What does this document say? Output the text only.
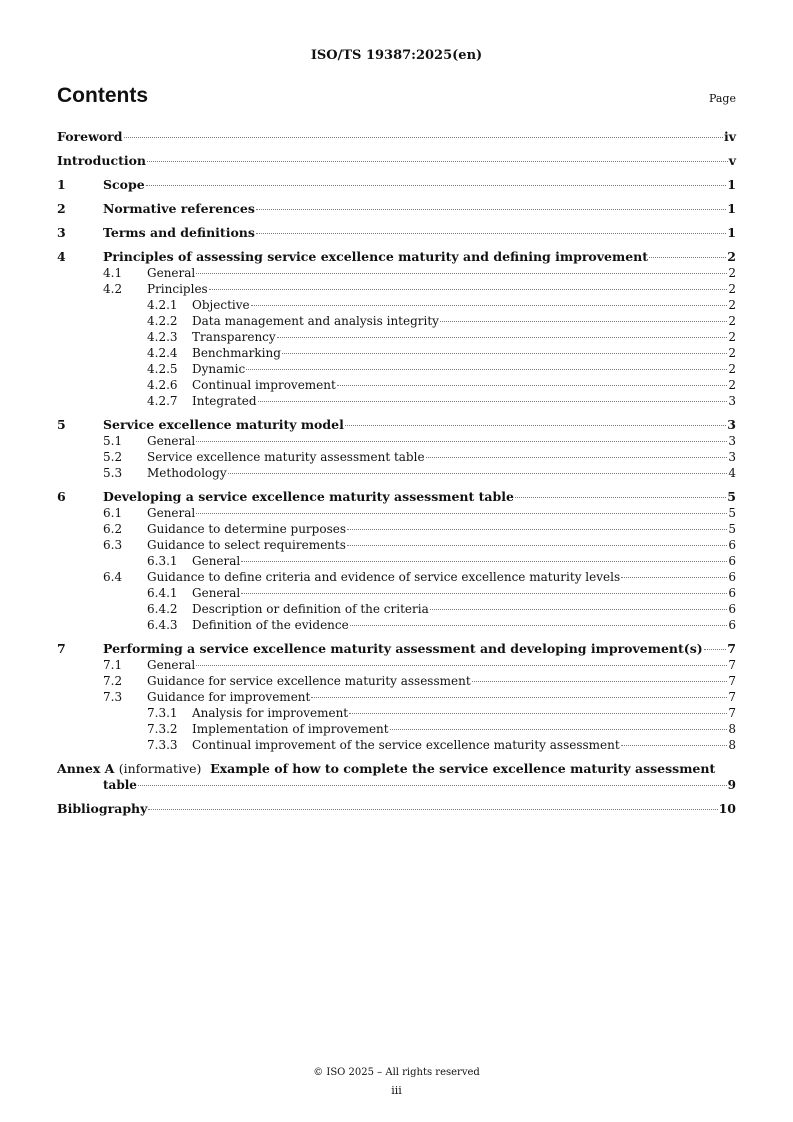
ISO/TS 19387:2025(en)
Contents	Page
Foreword	iv
Introduction	v
1	Scope	1
2	Normative references	1
3	Terms and definitions	1
4	Principles of assessing service excellence maturity and defining improvement	2
4.1	General	2
4.2	Principles	2
4.2.1	Objective	2
4.2.2	Data management and analysis integrity	2
4.2.3	Transparency	2
4.2.4	Benchmarking	2
4.2.5	Dynamic	2
4.2.6	Continual improvement	2
4.2.7	Integrated	3
5	Service excellence maturity model	3
5.1	General	3
5.2	Service excellence maturity assessment table	3
5.3	Methodology	4
6	Developing a service excellence maturity assessment table	5
6.1	General	5
6.2	Guidance to determine purposes	5
6.3	Guidance to select requirements	6
6.3.1	General	6
6.4	Guidance to define criteria and evidence of service excellence maturity levels	6
6.4.1	General	6
6.4.2	Description or definition of the criteria	6
6.4.3	Definition of the evidence	6
7	Performing a service excellence maturity assessment and developing improvement(s) 7
7.1	General	7
7.2	Guidance for service excellence maturity assessment	7
7.3	Guidance for improvement	7
7.3.1	Analysis for improvement	7
7.3.2	Implementation of improvement	8
7.3.3	Continual improvement of the service excellence maturity assessment	8
Annex A (informative) Example of how to complete the service excellence maturity assessment
table	9
Bibliography	10
© ISO 2025 – All rights reserved
iii
